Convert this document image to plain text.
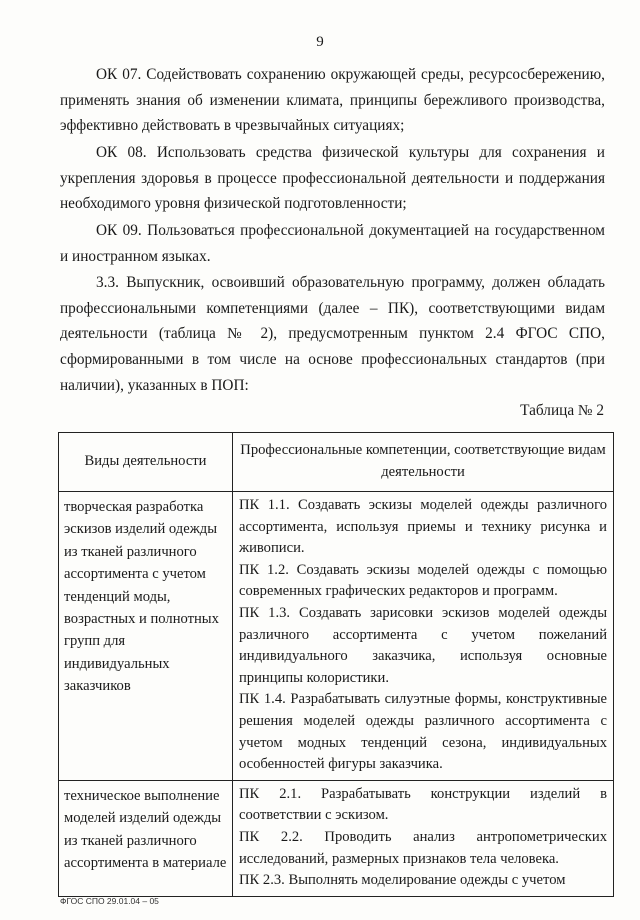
9

ОК 07. Содействовать сохранению окружающей среды, ресурсосбережению, применять знания об изменении климата, принципы бережливого производства, эффективно действовать в чрезвычайных ситуациях;

ОК 08. Использовать средства физической культуры для сохранения и укрепления здоровья в процессе профессиональной деятельности и поддержания необходимого уровня физической подготовленности;

ОК 09. Пользоваться профессиональной документацией на государственном и иностранном языках.

3.3. Выпускник, освоивший образовательную программу, должен обладать профессиональными компетенциями (далее – ПК), соответствующими видам деятельности (таблица № 2), предусмотренным пунктом 2.4 ФГОС СПО, сформированными в том числе на основе профессиональных стандартов (при наличии), указанных в ПОП:

Таблица № 2
Виды деятельности	Профессиональные компетенции, соответствующие видам деятельности
творческая разработка эскизов изделий одежды из тканей различного ассортимента с учетом тенденций моды, возрастных и полнотных групп для индивидуальных заказчиков	ПК 1.1. Создавать эскизы моделей одежды различного ассортимента, используя приемы и технику рисунка и живописи.
ПК 1.2. Создавать эскизы моделей одежды с помощью современных графических редакторов и программ.
ПК 1.3. Создавать зарисовки эскизов моделей одежды различного ассортимента с учетом пожеланий индивидуального заказчика, используя основные принципы колористики.
ПК 1.4. Разрабатывать силуэтные формы, конструктивные решения моделей одежды различного ассортимента с учетом модных тенденций сезона, индивидуальных особенностей фигуры заказчика.

техническое выполнение моделей изделий одежды из тканей различного ассортимента в материале	ПК 2.1. Разрабатывать конструкции изделий в соответствии с эскизом.
ПК 2.2. Проводить анализ антропометрических исследований, размерных признаков тела человека.
ПК 2.3. Выполнять моделирование одежды с учетом
ФГОС СПО 29.01.04 – 05
